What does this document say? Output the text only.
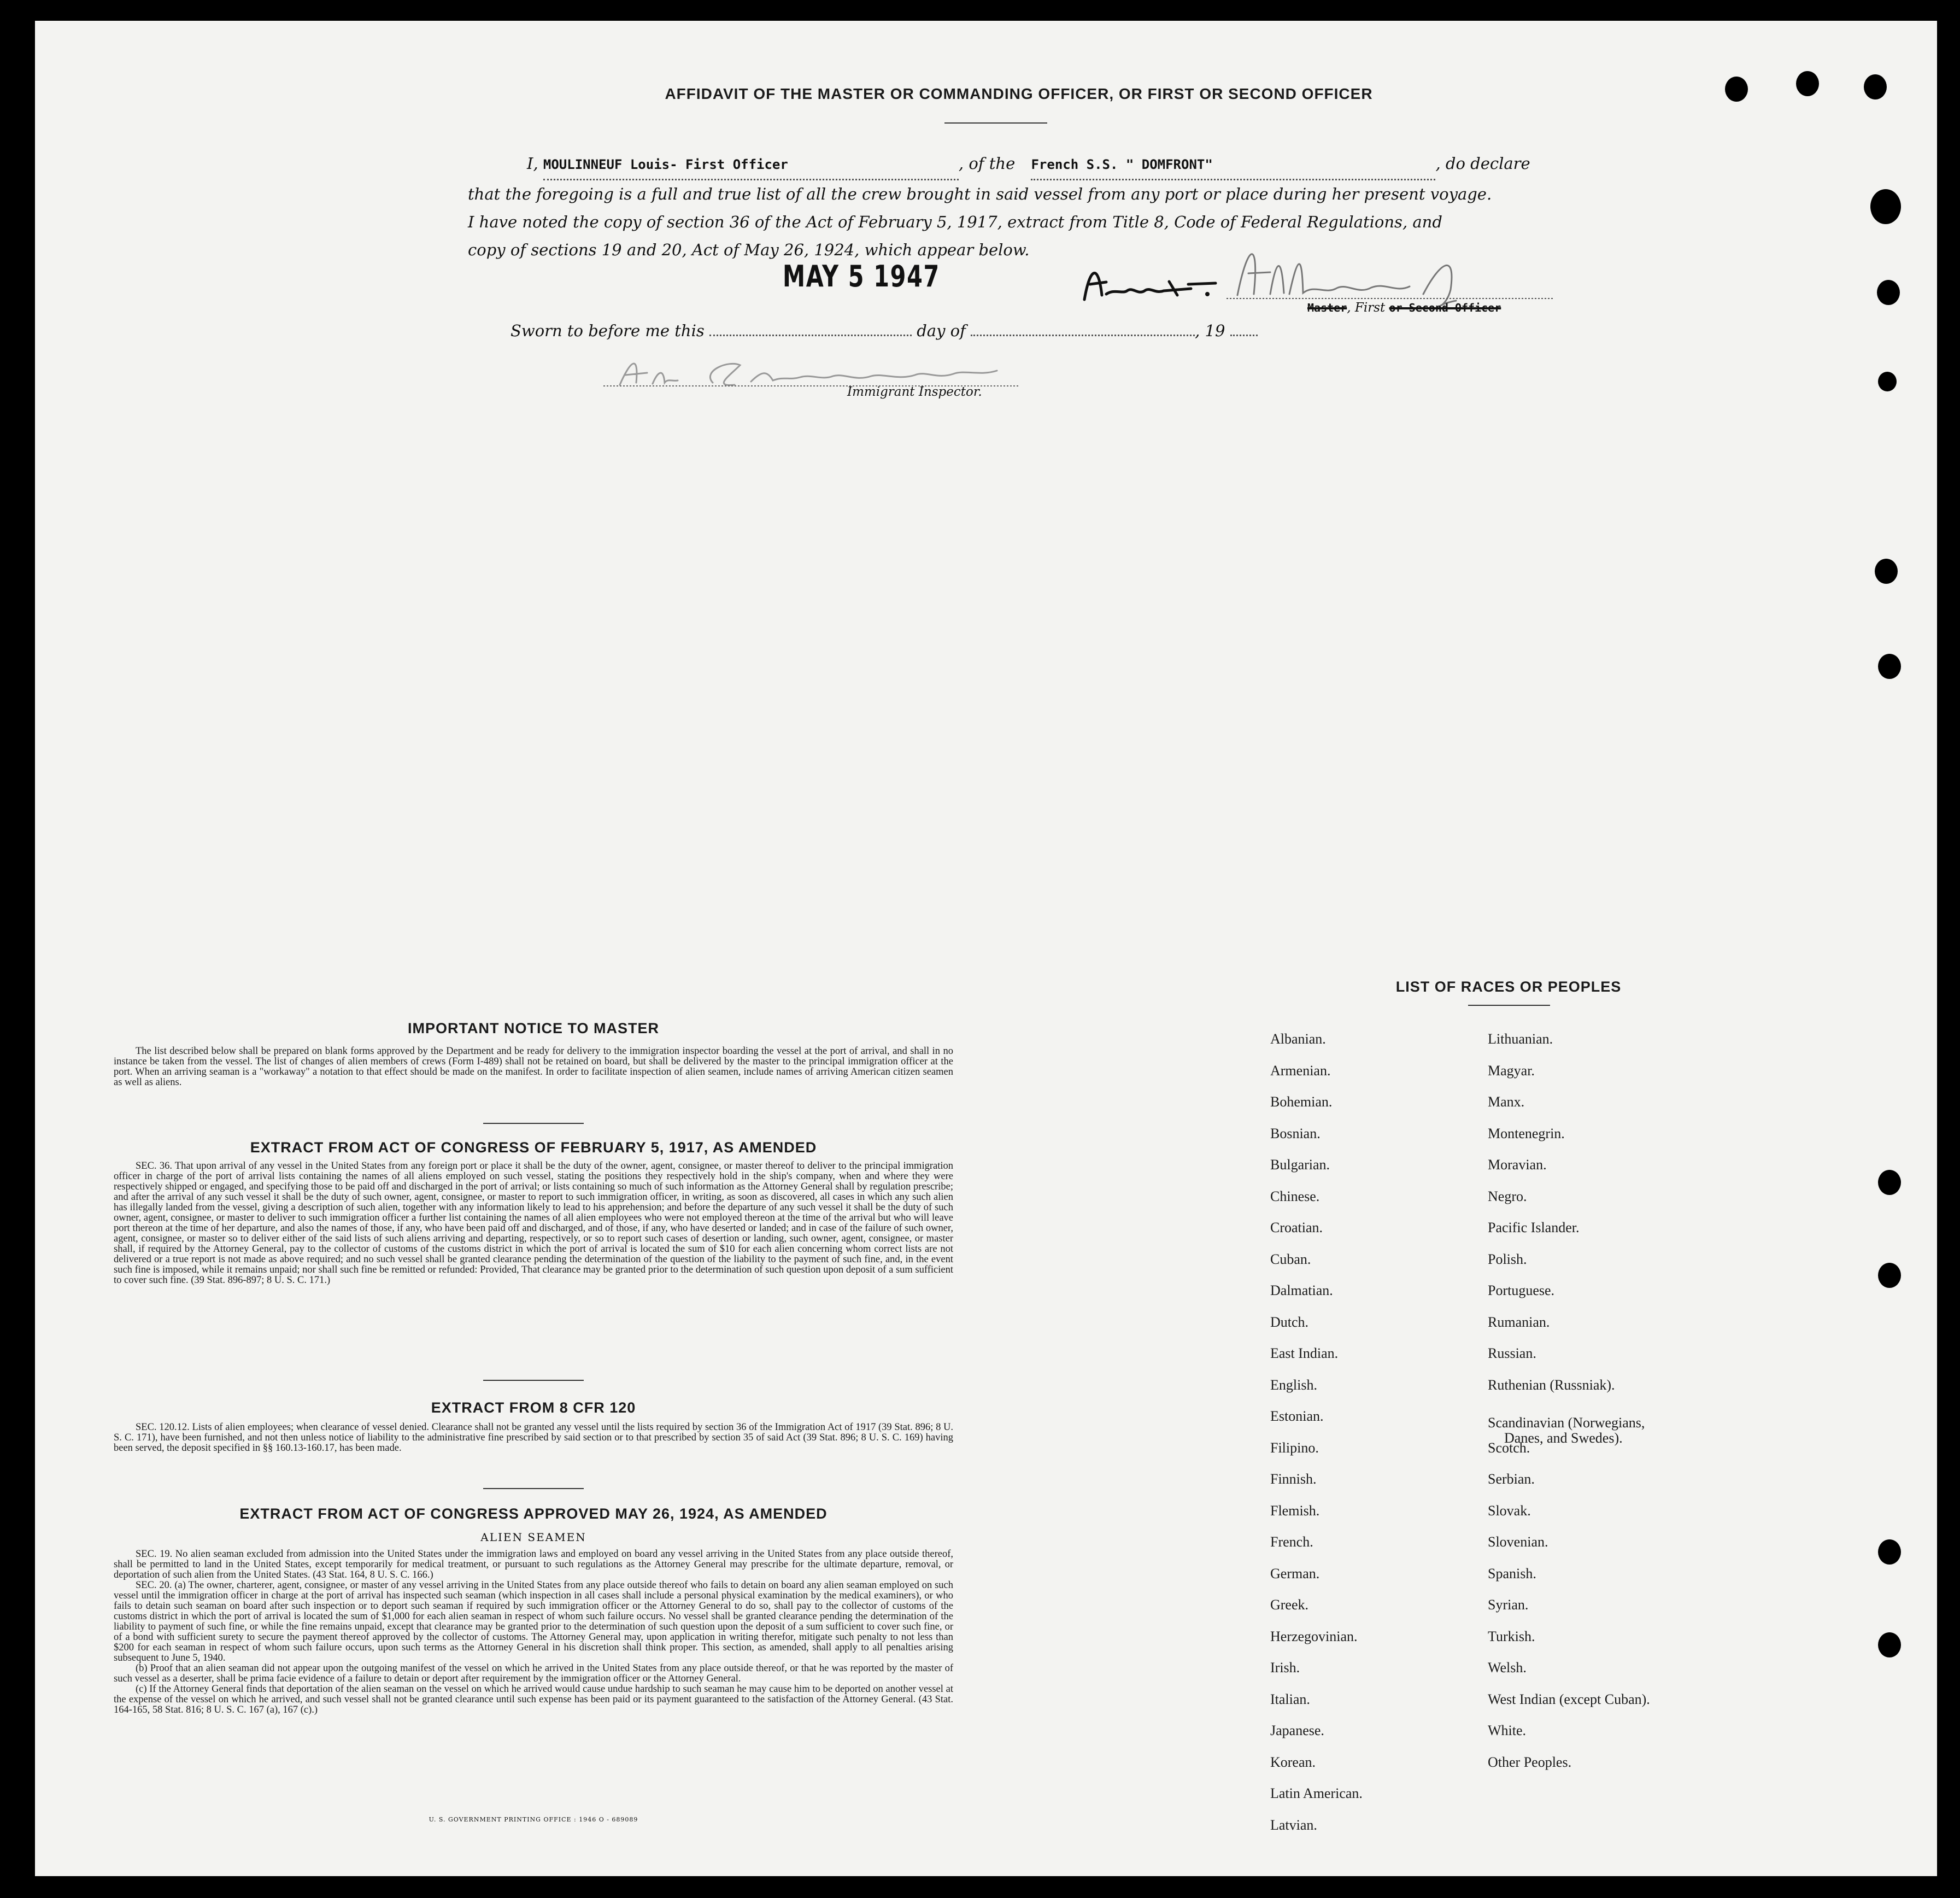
AFFIDAVIT OF THE MASTER OR COMMANDING OFFICER, OR FIRST OR SECOND OFFICER
I, MOULINNEUF Louis- First Officer	, of the French S.S. " DOMFRONT"	, do declare
that the foregoing is a full and true list of all the crew brought in said vessel from any port or place during her present voyage.
I have noted the copy of section 36 of the Act of February 5, 1917, extract from Title 8, Code of Federal Regulations, and
copy of sections 19 and 20, Act of May 26, 1924, which appear below.
MAY 5 1947
Master, First or Second Officer
Sworn to before me this	day of	, 19
Immigrant Inspector.
IMPORTANT NOTICE TO MASTER

The list described below shall be prepared on blank forms approved by the Department and be ready for delivery to the immigration inspector boarding the vessel at the port of arrival, and shall in no instance be taken from the vessel. The list of changes of alien members of crews (Form I-489) shall not be retained on board, but shall be delivered by the master to the principal immigration officer at the port. When an arriving seaman is a "workaway" a notation to that effect should be made on the manifest. In order to facilitate inspection of alien seamen, include names of arriving American citizen seamen as well as aliens.

EXTRACT FROM ACT OF CONGRESS OF FEBRUARY 5, 1917, AS AMENDED

SEC. 36. That upon arrival of any vessel in the United States from any foreign port or place it shall be the duty of the owner, agent, consignee, or master thereof to deliver to the principal immigration officer in charge of the port of arrival lists containing the names of all aliens employed on such vessel, stating the positions they respectively hold in the ship's company, when and where they were respectively shipped or engaged, and specifying those to be paid off and discharged in the port of arrival; or lists containing so much of such information as the Attorney General shall by regulation prescribe; and after the arrival of any such vessel it shall be the duty of such owner, agent, consignee, or master to report to such immigration officer, in writing, as soon as discovered, all cases in which any such alien has illegally landed from the vessel, giving a description of such alien, together with any information likely to lead to his apprehension; and before the departure of any such vessel it shall be the duty of such owner, agent, consignee, or master to deliver to such immigration officer a further list containing the names of all alien employees who were not employed thereon at the time of the arrival but who will leave port thereon at the time of her departure, and also the names of those, if any, who have been paid off and discharged, and of those, if any, who have deserted or landed; and in case of the failure of such owner, agent, consignee, or master so to deliver either of the said lists of such aliens arriving and departing, respectively, or so to report such cases of desertion or landing, such owner, agent, consignee, or master shall, if required by the Attorney General, pay to the collector of customs of the customs district in which the port of arrival is located the sum of $10 for each alien concerning whom correct lists are not delivered or a true report is not made as above required; and no such vessel shall be granted clearance pending the determination of the question of the liability to the payment of such fine, and, in the event such fine is imposed, while it remains unpaid; nor shall such fine be remitted or refunded: Provided, That clearance may be granted prior to the determination of such question upon deposit of a sum sufficient to cover such fine. (39 Stat. 896-897; 8 U. S. C. 171.)

EXTRACT FROM 8 CFR 120

SEC. 120.12. Lists of alien employees; when clearance of vessel denied. Clearance shall not be granted any vessel until the lists required by section 36 of the Immigration Act of 1917 (39 Stat. 896; 8 U. S. C. 171), have been furnished, and not then unless notice of liability to the administrative fine prescribed by said section or to that prescribed by section 35 of said Act (39 Stat. 896; 8 U. S. C. 169) having been served, the deposit specified in §§ 160.13-160.17, has been made.

EXTRACT FROM ACT OF CONGRESS APPROVED MAY 26, 1924, AS AMENDED
ALIEN SEAMEN

SEC. 19. No alien seaman excluded from admission into the United States under the immigration laws and employed on board any vessel arriving in the United States from any place outside thereof, shall be permitted to land in the United States, except temporarily for medical treatment, or pursuant to such regulations as the Attorney General may prescribe for the ultimate departure, removal, or deportation of such alien from the United States. (43 Stat. 164, 8 U. S. C. 166.)

SEC. 20. (a) The owner, charterer, agent, consignee, or master of any vessel arriving in the United States from any place outside thereof who fails to detain on board any alien seaman employed on such vessel until the immigration officer in charge at the port of arrival has inspected such seaman (which inspection in all cases shall include a personal physical examination by the medical examiners), or who fails to detain such seaman on board after such inspection or to deport such seaman if required by such immigration officer or the Attorney General to do so, shall pay to the collector of customs of the customs district in which the port of arrival is located the sum of $1,000 for each alien seaman in respect of whom such failure occurs. No vessel shall be granted clearance pending the determination of the liability to payment of such fine, or while the fine remains unpaid, except that clearance may be granted prior to the determination of such question upon the deposit of a sum sufficient to cover such fine, or of a bond with sufficient surety to secure the payment thereof approved by the collector of customs. The Attorney General may, upon application in writing therefor, mitigate such penalty to not less than $200 for each seaman in respect of whom such failure occurs, upon such terms as the Attorney General in his discretion shall think proper. This section, as amended, shall apply to all penalties arising subsequent to June 5, 1940.

(b) Proof that an alien seaman did not appear upon the outgoing manifest of the vessel on which he arrived in the United States from any place outside thereof, or that he was reported by the master of such vessel as a deserter, shall be prima facie evidence of a failure to detain or deport after requirement by the immigration officer or the Attorney General.

(c) If the Attorney General finds that deportation of the alien seaman on the vessel on which he arrived would cause undue hardship to such seaman he may cause him to be deported on another vessel at the expense of the vessel on which he arrived, and such vessel shall not be granted clearance until such expense has been paid or its payment guaranteed to the satisfaction of the Attorney General. (43 Stat. 164-165, 58 Stat. 816; 8 U. S. C. 167 (a), 167 (c).)

U. S. GOVERNMENT PRINTING OFFICE : 1946 O - 689089
LIST OF RACES OR PEOPLES
Albanian.
Armenian.
Bohemian.
Bosnian.
Bulgarian.
Chinese.
Croatian.
Cuban.
Dalmatian.
Dutch.
East Indian.
English.
Estonian.
Filipino.
Finnish.
Flemish.
French.
German.
Greek.
Herzegovinian.
Irish.
Italian.
Japanese.
Korean.
Latin American.
Latvian.
Lithuanian.
Magyar.
Manx.
Montenegrin.
Moravian.
Negro.
Pacific Islander.
Polish.
Portuguese.
Rumanian.
Russian.
Ruthenian (Russniak).
Scandinavian (Norwegians,
Danes, and Swedes).
Scotch.
Serbian.
Slovak.
Slovenian.
Spanish.
Syrian.
Turkish.
Welsh.
West Indian (except Cuban).
White.
Other Peoples.
